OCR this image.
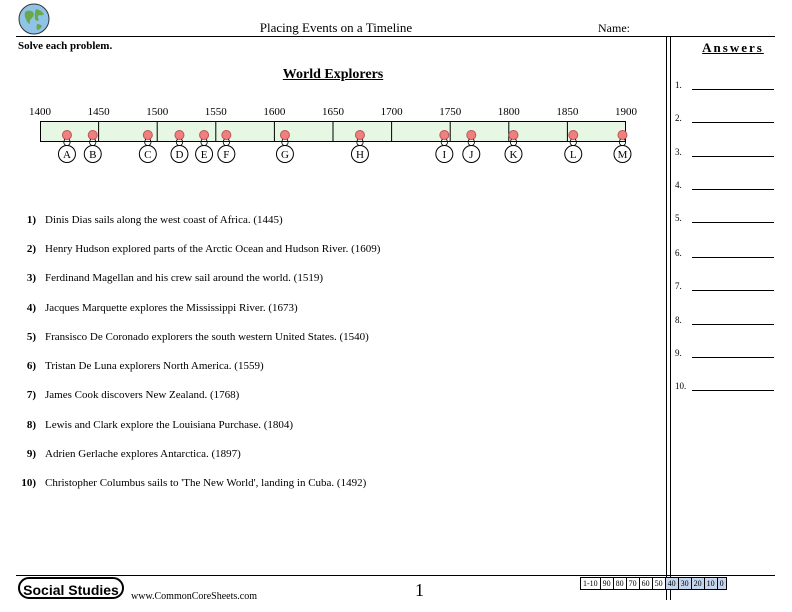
Placing Events on a Timeline	Name:
Solve each problem.	Answers
World Explorers
1400	1450	1500	1550	1600	1650	1700	1750	1800	1850	1900
A B	C D E F	G	H	I J	K	L	M
1) Dinis Dias sails along the west coast of Africa. (1445)
2) Henry Hudson explored parts of the Arctic Ocean and Hudson River. (1609)
3) Ferdinand Magellan and his crew sail around the world. (1519)
4) Jacques Marquette explores the Mississippi River. (1673)
5) Fransisco De Coronado explorers the south western United States. (1540)
6) Tristan De Luna explorers North America. (1559)
7) James Cook discovers New Zealand. (1768)
8) Lewis and Clark explore the Louisiana Purchase. (1804)
9) Adrien Gerlache explores Antarctica. (1897)
10) Christopher Columbus sails to 'The New World', landing in Cuba. (1492)
1.
2.
3.
4.
5.
6.
7.
8.
9.
10.
Social Studies	www.CommonCoreSheets.com	1	1-10	90	80	70	60	50	40	30	20	10	0
